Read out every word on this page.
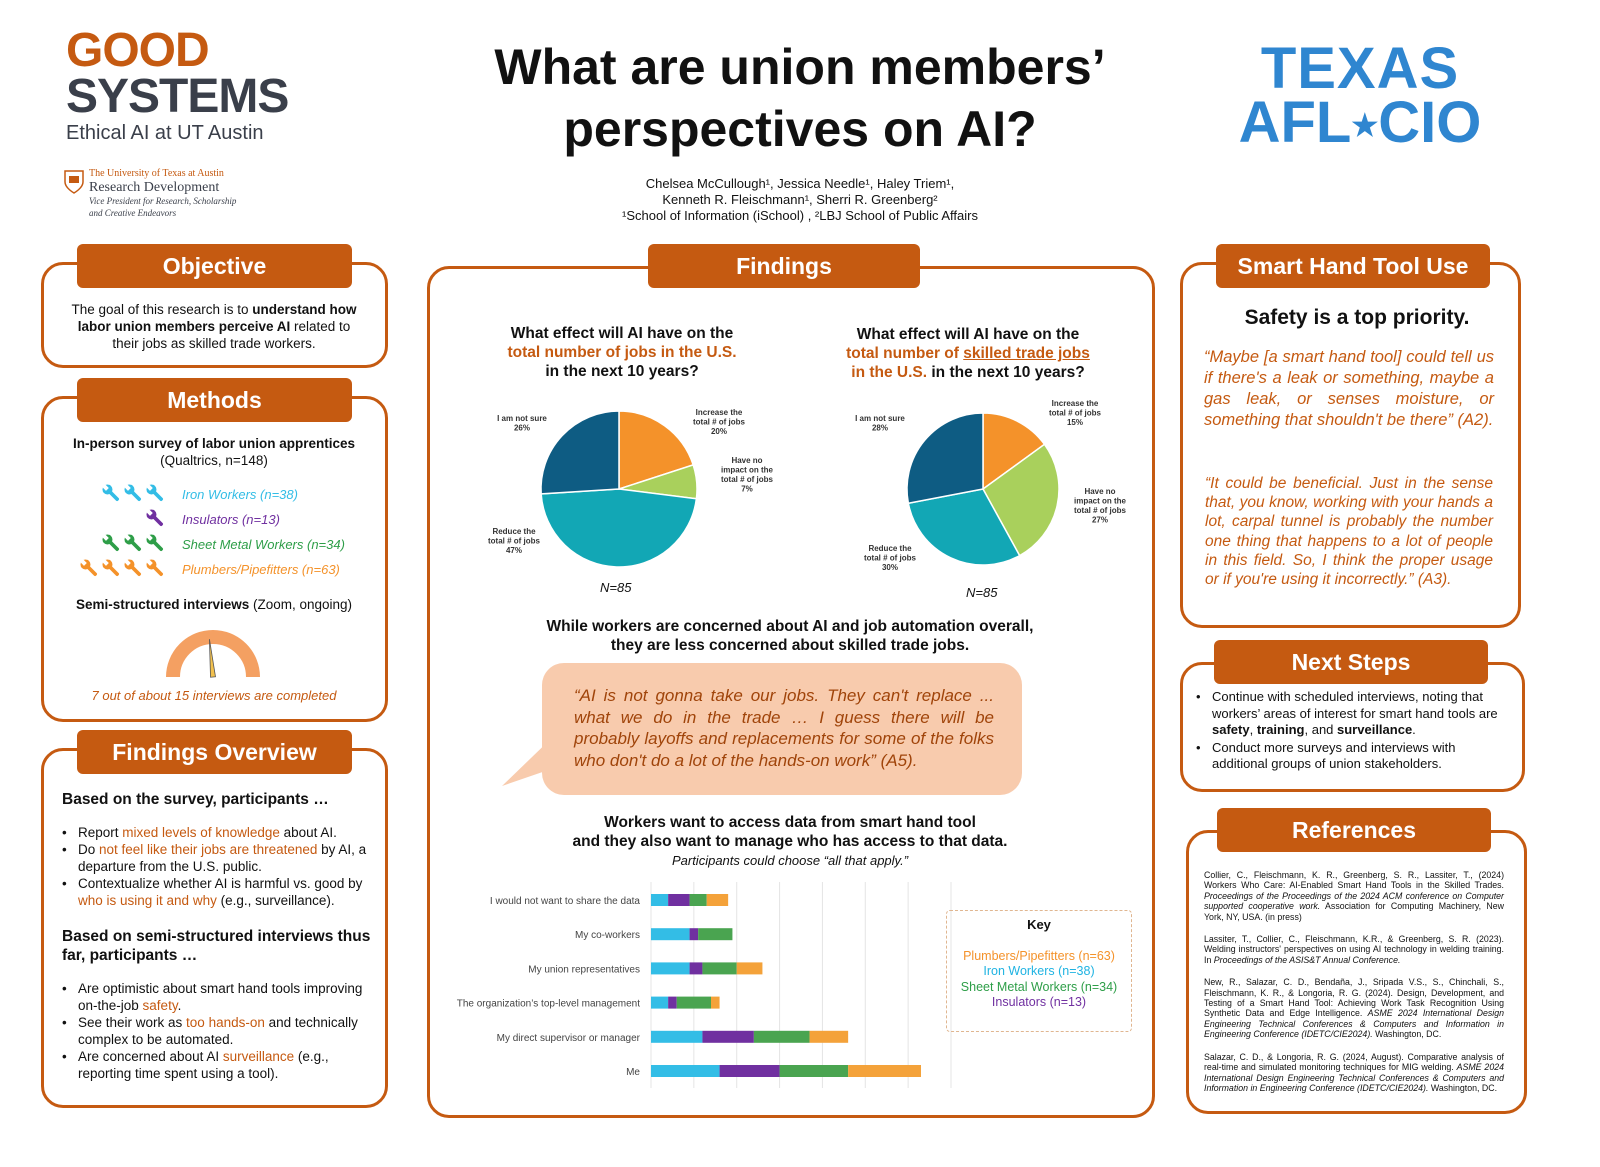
GOOD
SYSTEMS
Ethical AI at UT Austin
The University of Texas at Austin
Research Development
Vice President for Research, Scholarship
and Creative Endeavors
What are union members’
perspectives on AI?
Chelsea McCullough¹, Jessica Needle¹, Haley Triem¹,
Kenneth R. Fleischmann¹, Sherri R. Greenberg²
¹School of Information (iSchool) , ²LBJ School of Public Affairs
TEXAS
AFL★CIO
Objective
The goal of this research is to understand how labor union members perceive AI related to their jobs as skilled trade workers.
Methods
In-person survey of labor union apprentices
(Qualtrics, n=148)
Iron Workers (n=38)
Insulators (n=13)
Sheet Metal Workers (n=34)
Plumbers/Pipefitters (n=63)
Semi-structured interviews (Zoom, ongoing)
7 out of about 15 interviews are completed
Findings Overview
Based on the survey, participants …
• Report mixed levels of knowledge about AI.
• Do not feel like their jobs are threatened by AI, a departure from the U.S. public.
• Contextualize whether AI is harmful vs. good by who is using it and why (e.g., surveillance).
Based on semi-structured interviews thus far, participants …
• Are optimistic about smart hand tools improving on-the-job safety.
• See their work as too hands-on and technically complex to be automated.
• Are concerned about AI surveillance (e.g., reporting time spent using a tool).
Findings
What effect will AI have on the
total number of jobs in the U.S.
in the next 10 years?
What effect will AI have on the
total number of skilled trade jobs
in the U.S. in the next 10 years?
Increase the total # of jobs 20%
Have no impact on the total # of jobs 7%
Reduce the total # of jobs 47%
I am not sure 26%
Increase the total # of jobs 15%
Have no impact on the total # of jobs 27%
Reduce the total # of jobs 30%
I am not sure 28%
N=85	N=85
While workers are concerned about AI and job automation overall,
they are less concerned about skilled trade jobs.
“AI is not gonna take our jobs. They can't replace ... what we do in the trade … I guess there will be probably layoffs and replacements for some of the folks who don't do a lot of the hands-on work” (A5).
Workers want to access data from smart hand tool
and they also want to manage who has access to that data.
Participants could choose “all that apply.”
I would not want to share the data
My co-workers
My union representatives
The organization’s top-level management
My direct supervisor or manager
Me
Key
Plumbers/Pipefitters (n=63)
Iron Workers (n=38)
Sheet Metal Workers (n=34)
Insulators (n=13)
Smart Hand Tool Use
Safety is a top priority.
“Maybe [a smart hand tool] could tell us if there's a leak or something, maybe a gas leak, or senses moisture, or something that shouldn't be there” (A2).
“It could be beneficial. Just in the sense that, you know, working with your hands a lot, carpal tunnel is probably the number one thing that happens to a lot of people in this field. So, I think the proper usage or if you're using it incorrectly.” (A3).
Next Steps
• Continue with scheduled interviews, noting that workers’ areas of interest for smart hand tools are safety, training, and surveillance.
• Conduct more surveys and interviews with additional groups of union stakeholders.
References

Collier, C., Fleischmann, K. R., Greenberg, S. R., Lassiter, T., (2024) Workers Who Care: AI-Enabled Smart Hand Tools in the Skilled Trades. Proceedings of the Proceedings of the 2024 ACM conference on Computer supported cooperative work. Association for Computing Machinery, New York, NY, USA. (in press)

Lassiter, T., Collier, C., Fleischmann, K.R., & Greenberg, S. R. (2023). Welding instructors' perspectives on using AI technology in welding training. In Proceedings of the ASIS&T Annual Conference.

New, R., Salazar, C. D., Bendaña, J., Sripada V.S., S., Chinchali, S., Fleischmann, K. R., & Longoria, R. G. (2024). Design, Development, and Testing of a Smart Hand Tool: Achieving Work Task Recognition Using Synthetic Data and Edge Intelligence. ASME 2024 International Design Engineering Technical Conferences & Computers and Information in Engineering Conference (IDETC/CIE2024). Washington, DC.

Salazar, C. D., & Longoria, R. G. (2024, August). Comparative analysis of real-time and simulated monitoring techniques for MIG welding. ASME 2024 International Design Engineering Technical Conferences & Computers and Information in Engineering Conference (IDETC/CIE2024). Washington, DC.
